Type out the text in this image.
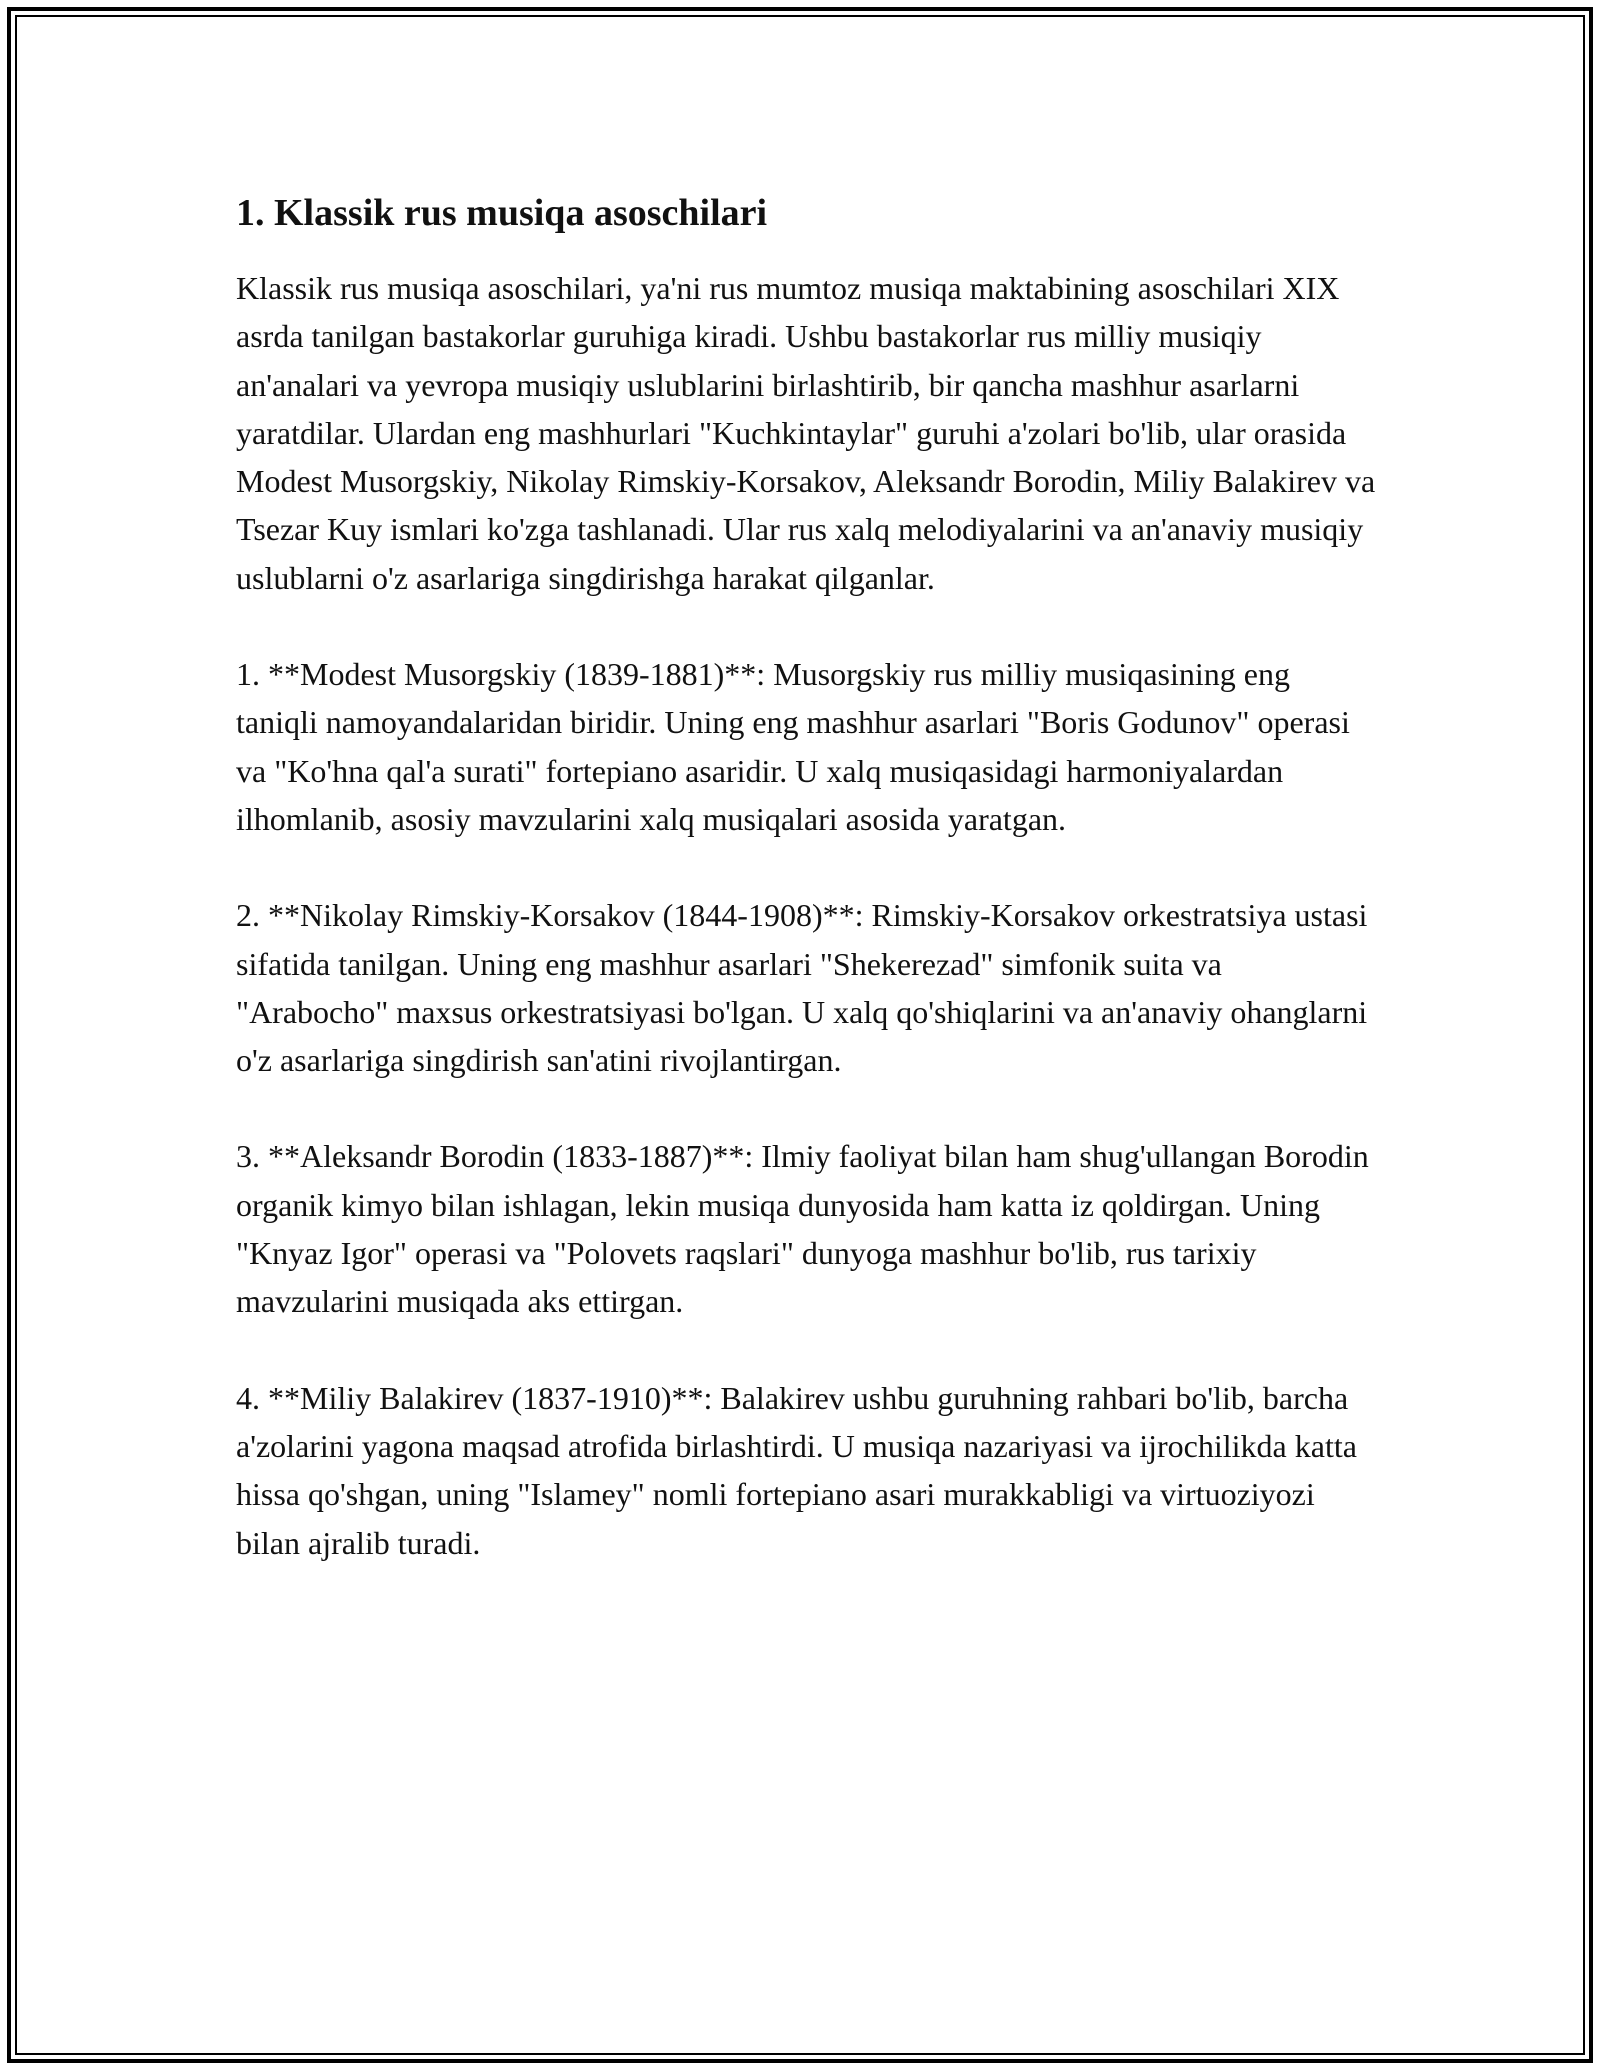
1. Klassik rus musiqa asoschilari

Klassik rus musiqa asoschilari, ya'ni rus mumtoz musiqa maktabining asoschilari XIX asrda tanilgan bastakorlar guruhiga kiradi. Ushbu bastakorlar rus milliy musiqiy an'analari va yevropa musiqiy uslublarini birlashtirib, bir qancha mashhur asarlarni yaratdilar. Ulardan eng mashhurlari "Kuchkintaylar" guruhi a'zolari bo'lib, ular orasida Modest Musorgskiy, Nikolay Rimskiy-Korsakov, Aleksandr Borodin, Miliy Balakirev va Tsezar Kuy ismlari ko'zga tashlanadi. Ular rus xalq melodiyalarini va an'anaviy musiqiy uslublarni o'z asarlariga singdirishga harakat qilganlar.

1. **Modest Musorgskiy (1839-1881)**: Musorgskiy rus milliy musiqasining eng taniqli namoyandalaridan biridir. Uning eng mashhur asarlari "Boris Godunov" operasi va "Ko'hna qal'a surati" fortepiano asaridir. U xalq musiqasidagi harmoniyalardan ilhomlanib, asosiy mavzularini xalq musiqalari asosida yaratgan.

2. **Nikolay Rimskiy-Korsakov (1844-1908)**: Rimskiy-Korsakov orkestratsiya ustasi sifatida tanilgan. Uning eng mashhur asarlari "Shekerezad" simfonik suita va "Arabocho" maxsus orkestratsiyasi bo'lgan. U xalq qo'shiqlarini va an'anaviy ohanglarni o'z asarlariga singdirish san'atini rivojlantirgan.

3. **Aleksandr Borodin (1833-1887)**: Ilmiy faoliyat bilan ham shug'ullangan Borodin organik kimyo bilan ishlagan, lekin musiqa dunyosida ham katta iz qoldirgan. Uning "Knyaz Igor" operasi va "Polovets raqslari" dunyoga mashhur bo'lib, rus tarixiy mavzularini musiqada aks ettirgan.

4. **Miliy Balakirev (1837-1910)**: Balakirev ushbu guruhning rahbari bo'lib, barcha a'zolarini yagona maqsad atrofida birlashtirdi. U musiqa nazariyasi va ijrochilikda katta hissa qo'shgan, uning "Islamey" nomli fortepiano asari murakkabligi va virtuoziyozi bilan ajralib turadi.
